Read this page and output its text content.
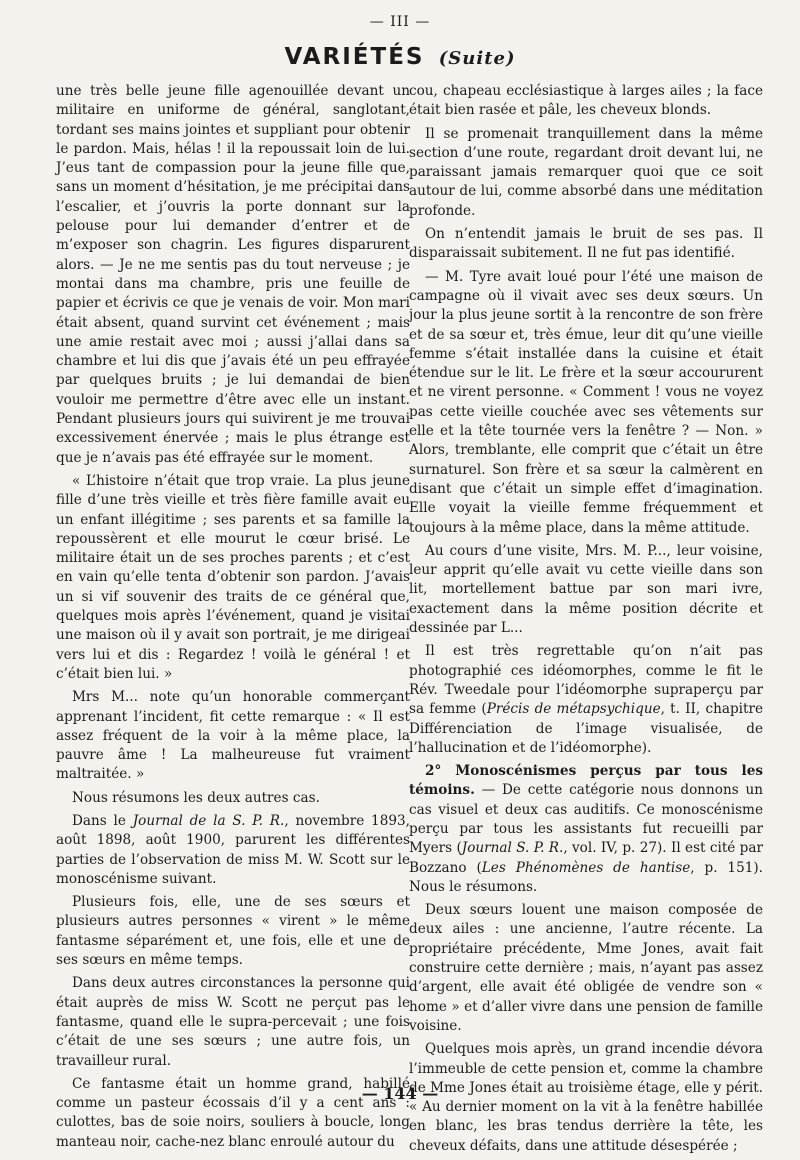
— III —
VARIÉTÉS (Suite)

une très belle jeune fille agenouillée devant un militaire en uniforme de général, sanglotant, tordant ses mains jointes et suppliant pour obtenir le pardon. Mais, hélas ! il la repoussait loin de lui. J’eus tant de compassion pour la jeune fille que, sans un moment d’hésitation, je me précipitai dans l’escalier, et j’ouvris la porte donnant sur la pelouse pour lui demander d’entrer et de m’exposer son chagrin. Les figures disparurent alors. — Je ne me sentis pas du tout nerveuse ; je montai dans ma chambre, pris une feuille de papier et écrivis ce que je venais de voir. Mon mari était absent, quand survint cet événement ; mais une amie restait avec moi ; aussi j’allai dans sa chambre et lui dis que j’avais été un peu effrayée par quelques bruits ; je lui demandai de bien vouloir me permettre d’être avec elle un instant. Pendant plusieurs jours qui suivirent je me trouvai excessivement énervée ; mais le plus étrange est que je n’avais pas été effrayée sur le moment.

« L’histoire n’était que trop vraie. La plus jeune fille d’une très vieille et très fière famille avait eu un enfant illégitime ; ses parents et sa famille la repoussèrent et elle mourut le cœur brisé. Le militaire était un de ses proches parents ; et c’est en vain qu’elle tenta d’obtenir son pardon. J’avais un si vif souvenir des traits de ce général que, quelques mois après l’événement, quand je visitai une maison où il y avait son portrait, je me dirigeai vers lui et dis : Regardez ! voilà le général ! et c’était bien lui. »

Mrs M... note qu’un honorable commerçant apprenant l’incident, fit cette remarque : « Il est assez fréquent de la voir à la même place, la pauvre âme ! La malheureuse fut vraiment maltraitée. »

Nous résumons les deux autres cas.

Dans le Journal de la S. P. R., novembre 1893, août 1898, août 1900, parurent les différentes parties de l’observation de miss M. W. Scott sur le monoscénisme suivant.

Plusieurs fois, elle, une de ses sœurs et plusieurs autres personnes « virent » le même fantasme séparément et, une fois, elle et une de ses sœurs en même temps.

Dans deux autres circonstances la personne qui était auprès de miss W. Scott ne perçut pas le fantasme, quand elle le supra-percevait ; une fois c’était de une ses sœurs ; une autre fois, un travailleur rural.

Ce fantasme était un homme grand, habillé comme un pasteur écossais d’il y a cent ans : culottes, bas de soie noirs, souliers à boucle, long manteau noir, cache-nez blanc enroulé autour du

cou, chapeau ecclésiastique à larges ailes ; la face était bien rasée et pâle, les cheveux blonds.

Il se promenait tranquillement dans la même section d’une route, regardant droit devant lui, ne paraissant jamais remarquer quoi que ce soit autour de lui, comme absorbé dans une méditation profonde.

On n’entendit jamais le bruit de ses pas. Il disparaissait subitement. Il ne fut pas identifié.

— M. Tyre avait loué pour l’été une maison de campagne où il vivait avec ses deux sœurs. Un jour la plus jeune sortit à la rencontre de son frère et de sa sœur et, très émue, leur dit qu’une vieille femme s’était installée dans la cuisine et était étendue sur le lit. Le frère et la sœur accoururent et ne virent personne. « Comment ! vous ne voyez pas cette vieille couchée avec ses vêtements sur elle et la tête tournée vers la fenêtre ? — Non. » Alors, tremblante, elle comprit que c’était un être surnaturel. Son frère et sa sœur la calmèrent en disant que c’était un simple effet d’imagination. Elle voyait la vieille femme fréquemment et toujours à la même place, dans la même attitude.

Au cours d’une visite, Mrs. M. P..., leur voisine, leur apprit qu’elle avait vu cette vieille dans son lit, mortellement battue par son mari ivre, exactement dans la même position décrite et dessinée par L...

Il est très regrettable qu’on n’ait pas photographié ces idéomorphes, comme le fit le Rév. Tweedale pour l’idéomorphe supraperçu par sa femme (Précis de métapsychique, t. II, chapitre Différenciation de l’image visualisée, de l’hallucination et de l’idéomorphe).

2° Monoscénismes perçus par tous les témoins. — De cette catégorie nous donnons un cas visuel et deux cas auditifs. Ce monoscénisme perçu par tous les assistants fut recueilli par Myers (Journal S. P. R., vol. IV, p. 27). Il est cité par Bozzano (Les Phénomènes de hantise, p. 151). Nous le résumons.

Deux sœurs louent une maison composée de deux ailes : une ancienne, l’autre récente. La propriétaire précédente, Mme Jones, avait fait construire cette dernière ; mais, n’ayant pas assez d’argent, elle avait été obligée de vendre son « home » et d’aller vivre dans une pension de famille voisine.

Quelques mois après, un grand incendie dévora l’immeuble de cette pension et, comme la chambre de Mme Jones était au troisième étage, elle y périt. « Au dernier moment on la vit à la fenêtre habillée en blanc, les bras tendus derrière la tête, les cheveux défaits, dans une attitude désespérée ;

— 144 —
